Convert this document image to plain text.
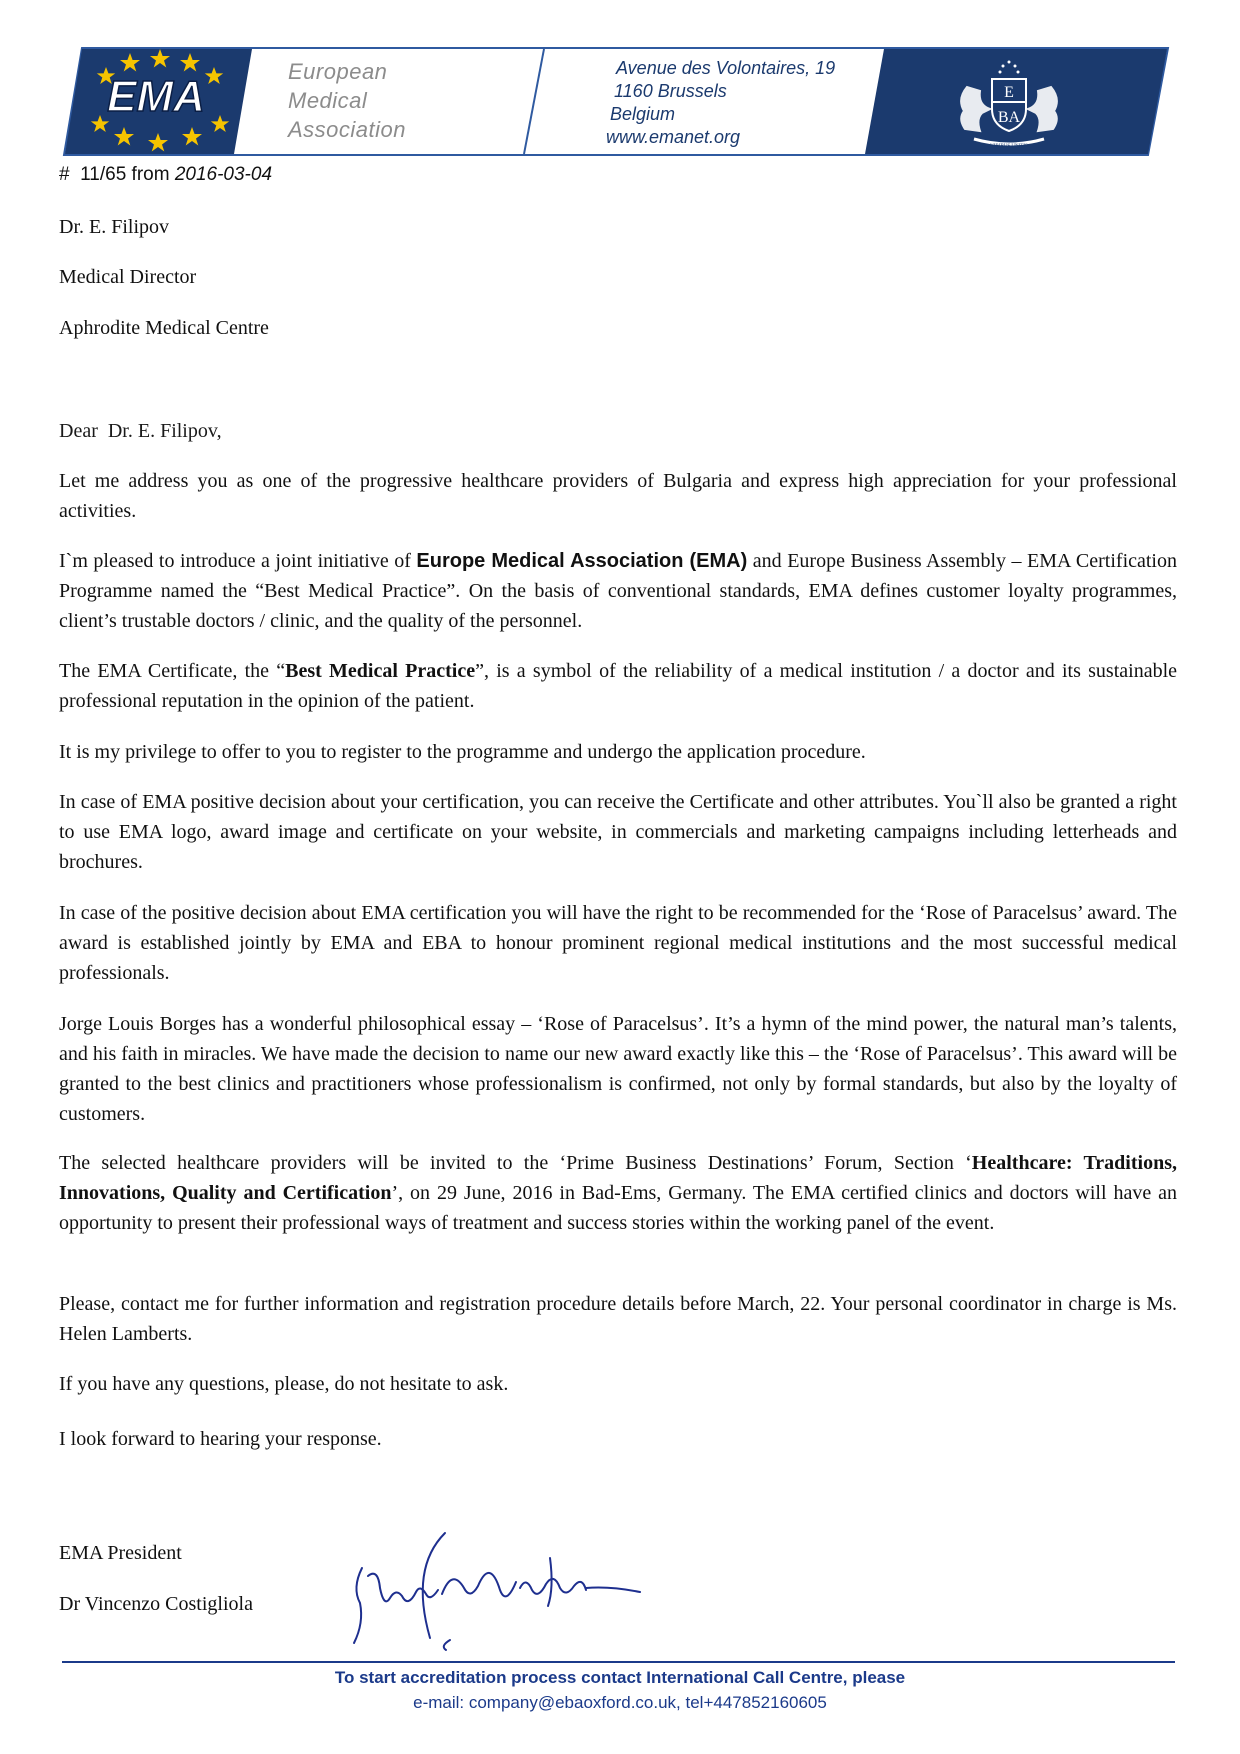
EMA	E
BA
VIRIBUS UNITIS
European
Medical
Association
Avenue des Volontaires, 19
1160 Brussels
Belgium
www.emanet.org
#  11/65 from 2016-03-04
Dr. E. Filipov
Medical Director
Aphrodite Medical Centre
Dear  Dr. E. Filipov,

Let me address you as one of the progressive healthcare providers of Bulgaria and express high appreciation for your professional activities.

I`m pleased to introduce a joint initiative of Europe Medical Association (EMA) and Europe Business Assembly – EMA Certification Programme named the “Best Medical Practice”. On the basis of conventional standards, EMA defines customer loyalty programmes, client’s trustable doctors / clinic, and the quality of the personnel.

The EMA Certificate, the “Best Medical Practice”, is a symbol of the reliability of a medical institution / a doctor and its sustainable professional reputation in the opinion of the patient.

It is my privilege to offer to you to register to the programme and undergo the application procedure.

In case of EMA positive decision about your certification, you can receive the Certificate and other attributes. You`ll also be granted a right to use EMA logo, award image and certificate on your website, in commercials and marketing campaigns including letterheads and brochures.

In case of the positive decision about EMA certification you will have the right to be recommended for the ‘Rose of Paracelsus’ award. The award is established jointly by EMA and EBA to honour prominent regional medical institutions and the most successful medical professionals.

Jorge Louis Borges has a wonderful philosophical essay – ‘Rose of Paracelsus’. It’s a hymn of the mind power, the natural man’s talents, and his faith in miracles. We have made the decision to name our new award exactly like this – the ‘Rose of Paracelsus’. This award will be granted to the best clinics and practitioners whose professionalism is confirmed, not only by formal standards, but also by the loyalty of customers.

The selected healthcare providers will be invited to the ‘Prime Business Destinations’ Forum, Section ‘Healthcare: Traditions, Innovations, Quality and Certification’, on 29 June, 2016 in Bad-Ems, Germany. The EMA certified clinics and doctors will have an opportunity to present their professional ways of treatment and success stories within the working panel of the event.

Please, contact me for further information and registration procedure details before March, 22. Your personal coordinator in charge is Ms. Helen Lamberts.

If you have any questions, please, do not hesitate to ask.

I look forward to hearing your response.

EMA President
Dr Vincenzo Costigliola
To start accreditation process contact International Call Centre, please
e-mail: company@ebaoxford.co.uk, tel+447852160605
